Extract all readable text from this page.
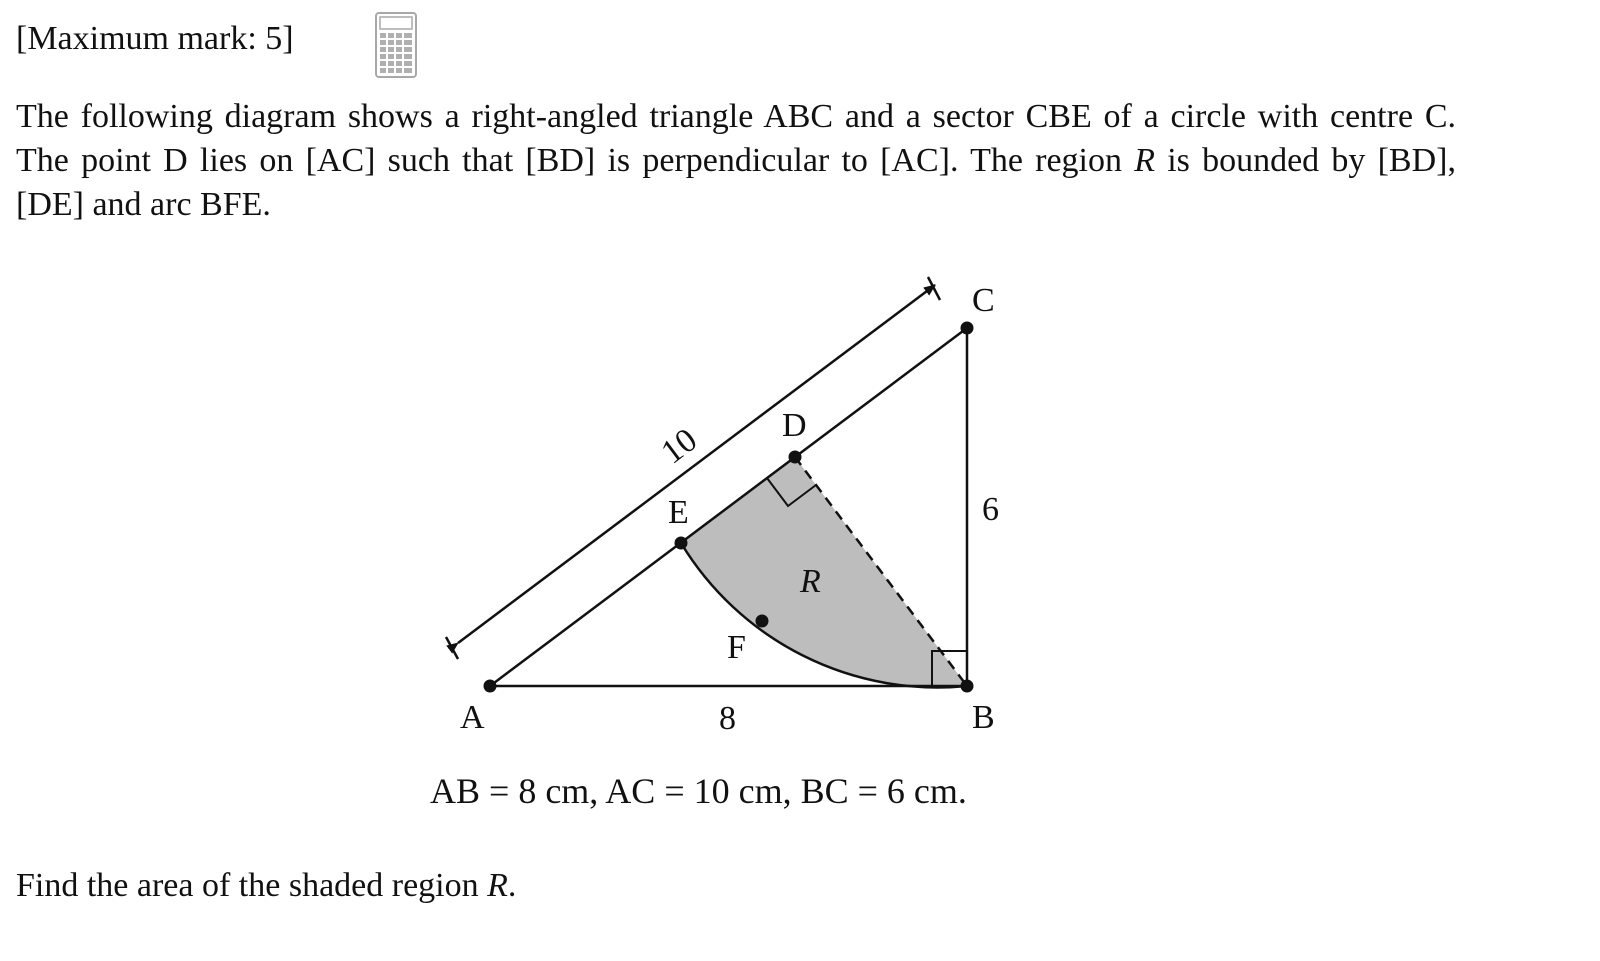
[Maximum mark: 5]

The following diagram shows a right-angled triangle ABC and a sector CBE of a circle with centre C. The point D lies on [AC] such that [BD] is perpendicular to [AC]. The region R is bounded by [BD], [DE] and arc BFE.

A	B
C
D
E
F
R
10
6
8
AB = 8 cm, AC = 10 cm, BC = 6 cm.
Find the area of the shaded region R.
